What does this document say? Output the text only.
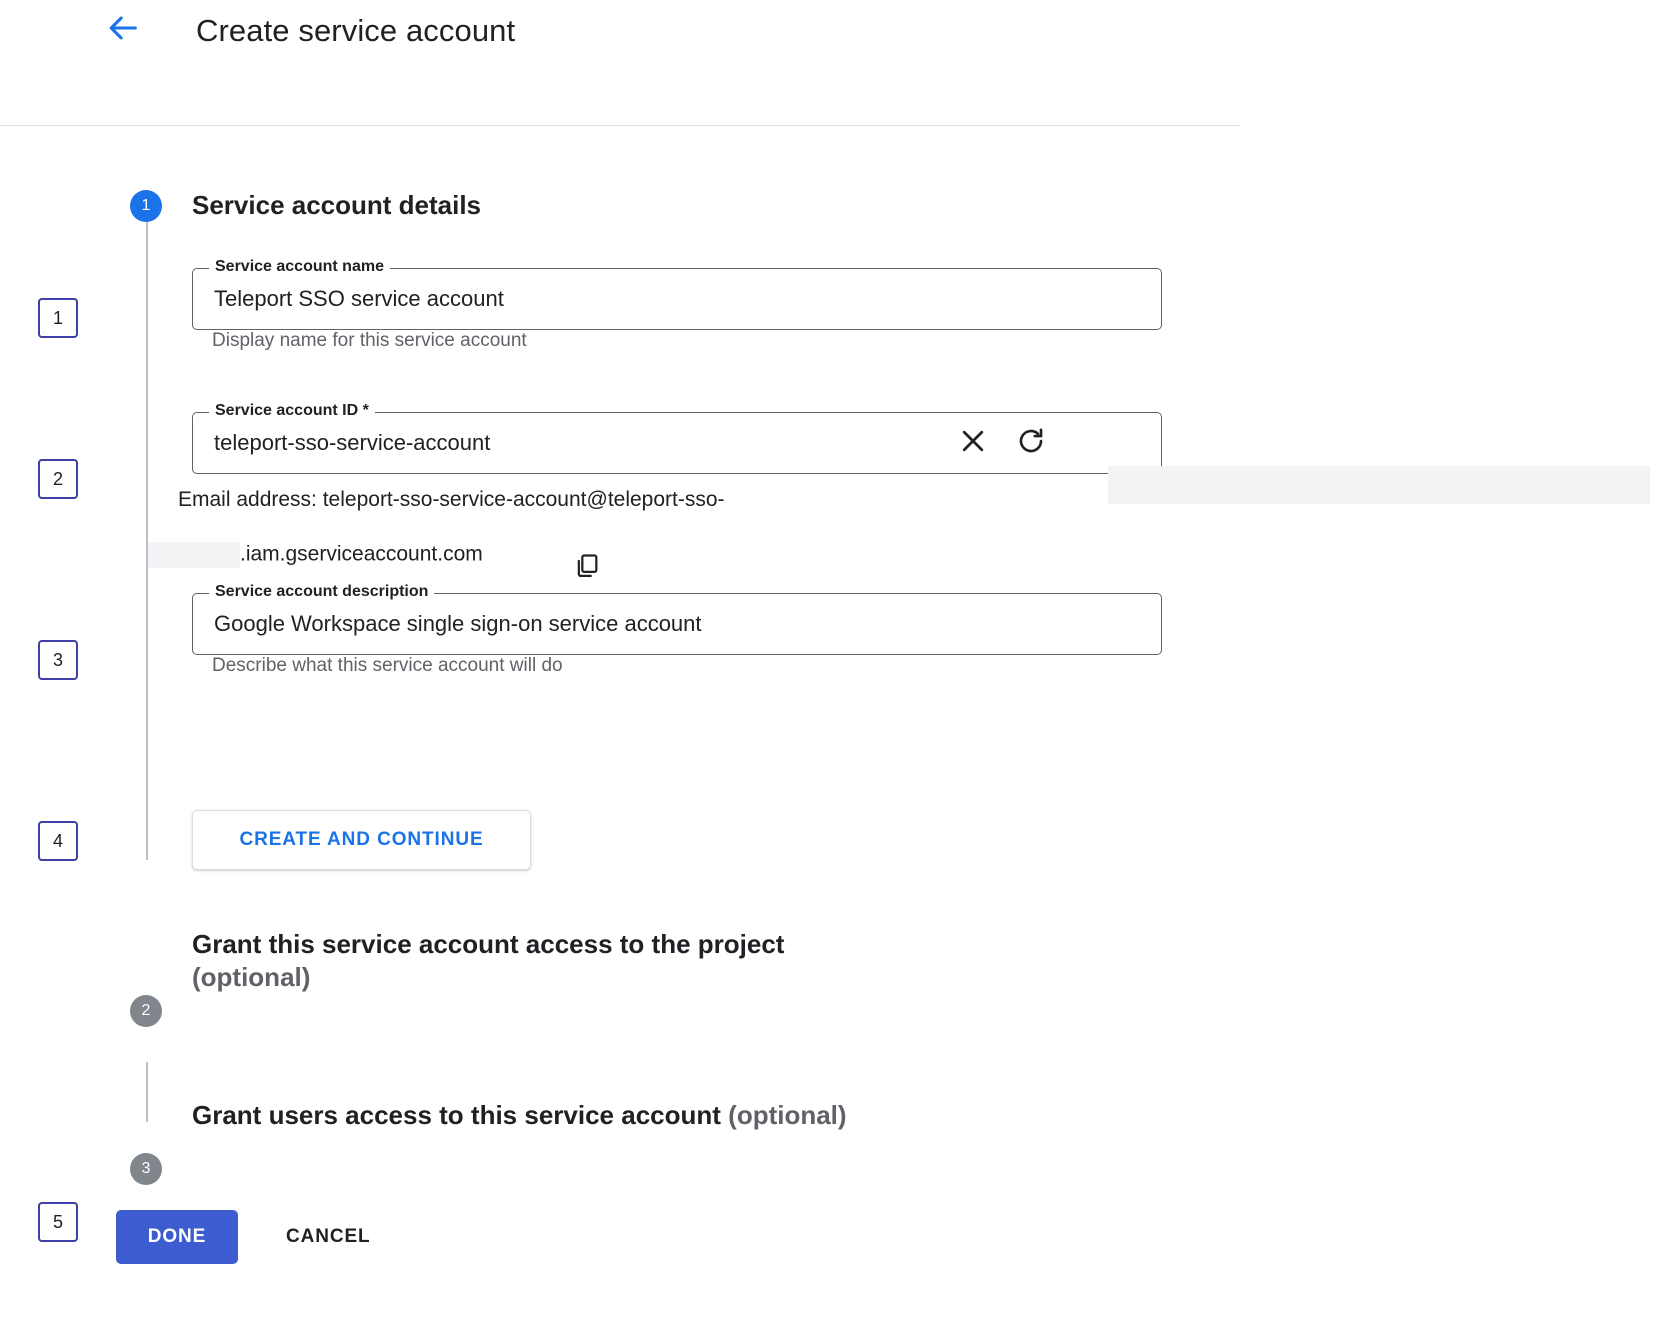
Create service account
1 Service account details
Service account name
Teleport SSO service account
Display name for this service account
Service account ID *
teleport-sso-service-account
Email address: teleport-sso-service-account@teleport-sso-
.iam.gserviceaccount.com
Service account description
Google Workspace single sign-on service account
Describe what this service account will do
2
3
CREATE AND CONTINUE
Grant this service account access to the project
(optional)
Grant users access to this service account (optional)
DONE	CANCEL
1
2
3
4
5
